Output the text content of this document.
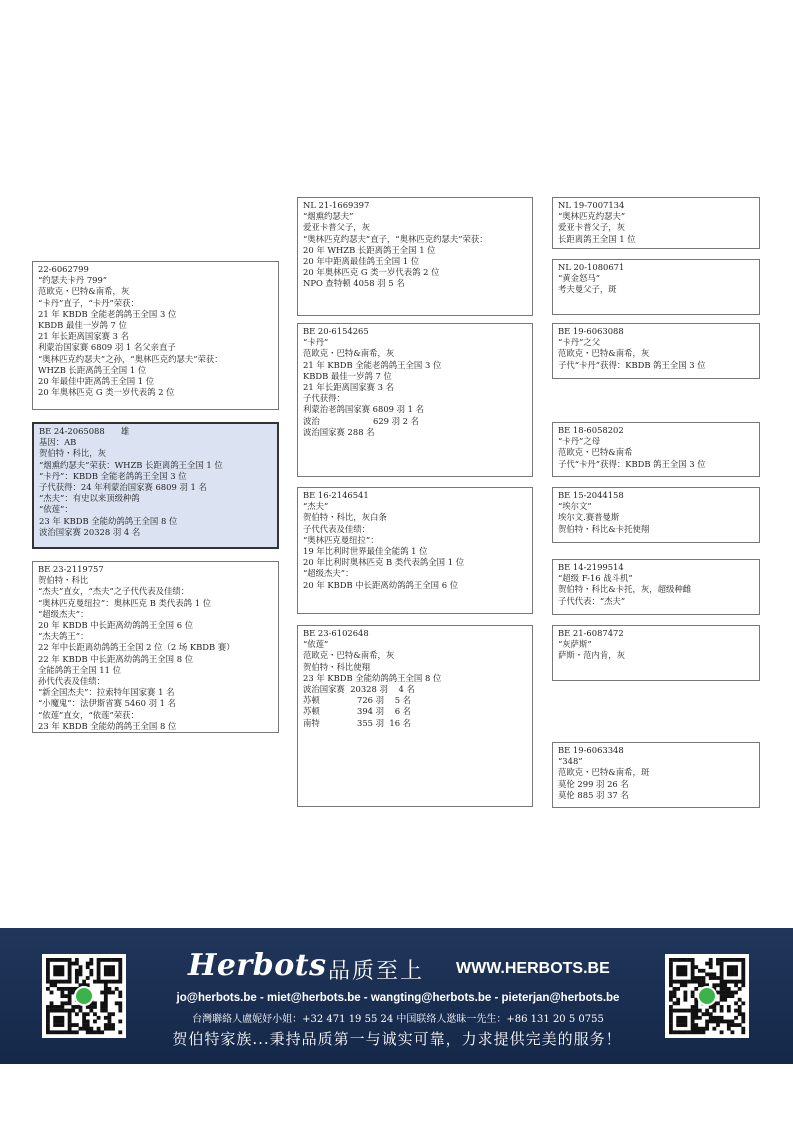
22-6062799
“约瑟夫卡丹 799”
范欧克・巴特&南希，灰
“卡丹”直子，“卡丹”荣获：
21 年 KBDB 全能老鸽鸽王全国 3 位
KBDB 最佳一岁鸽 7 位
21 年长距离国家赛 3 名
利蒙治国家赛 6809 羽 1 名父亲直子
“奥林匹克约瑟夫”之孙，“奥林匹克约瑟夫”荣获：
WHZB 长距离鸽王全国 1 位
20 年最佳中距离鸽王全国 1 位
20 年奥林匹克 G 类一岁代表鸽 2 位
BE 24-2065088 雄
基因：AB
贺伯特・科比，灰
“烟熏约瑟夫”荣获：WHZB 长距离鸽王全国 1 位
“卡丹”：KBDB 全能老鸽鸽王全国 3 位
子代获得：24 年利蒙治国家赛 6809 羽 1 名
“杰夫”：有史以来顶级种鸽
“依莲”：
23 年 KBDB 全能幼鸽鸽王全国 8 位
波治国家赛 20328 羽 4 名
BE 23-2119757
贺伯特・科比
“杰夫”直女，“杰夫”之子代代表及佳绩：
“奥林匹克曼纽拉”：奥林匹克 B 类代表鸽 1 位
“超级杰夫”：
20 年 KBDB 中长距离幼鸽鸽王全国 6 位
“杰夫鸽王”：
22 年中长距离幼鸽鸽王全国 2 位（2 场 KBDB 赛）
22 年 KBDB 中长距离幼鸽鸽王全国 8 位
全能鸽鸽王全国 11 位
孙代代表及佳绩：
“新全国杰夫”：拉索特年国家赛 1 名
“小魔鬼”：法伊斯省赛 5460 羽 1 名
“依莲”直女，“依莲”荣获：
23 年 KBDB 全能幼鸽鸽王全国 8 位
NL 21-1669397
“烟熏约瑟夫”
爱亚卡普父子，灰
“奥林匹克约瑟夫”直子，“奥林匹克约瑟夫”荣获：
20 年 WHZB 长距离鸽王全国 1 位
20 年中距离最佳鸽王全国 1 位
20 年奥林匹克 G 类一岁代表鸽 2 位
NPO 查特顿 4058 羽 5 名
BE 20-6154265
“卡丹”
范欧克・巴特&南希，灰
21 年 KBDB 全能老鸽鸽王全国 3 位
KBDB 最佳一岁鸽 7 位
21 年长距离国家赛 3 名
子代获得：
利蒙治老鸽国家赛 6809 羽 1 名
波治                    629 羽 2 名
波治国家赛 288 名
BE 16-2146541
“杰夫”
贺伯特・科比，灰白条
子代代表及佳绩：
“奥林匹克曼纽拉”：
19 年比利时世界最佳全能鸽 1 位
20 年比利时奥林匹克 B 类代表鸽全国 1 位
“超级杰夫”：
20 年 KBDB 中长距离幼鸽鸽王全国 6 位
BE 23-6102648
“依莲”
范欧克・巴特&南希，灰
贺伯特・科比使翔
23 年 KBDB 全能幼鸽鸽王全国 8 位
波治国家赛  20328 羽    4 名
苏顿              726 羽    5 名
苏顿              394 羽    6 名
南特              355 羽  16 名
NL 19-7007134
“奥林匹克约瑟夫”
爱亚卡普父子，灰
长距离鸽王全国 1 位
NL 20-1080671
“黄金怒马”
考夫曼父子，斑
BE 19-6063088
“卡丹”之父
范欧克・巴特&南希，灰
子代“卡丹”获得：KBDB 鸽王全国 3 位
BE 18-6058202
“卡丹”之母
范欧克・巴特&南希
子代“卡丹”获得：KBDB 鸽王全国 3 位
BE 15-2044158
“埃尔文”
埃尔文.赛普曼斯
贺伯特・科比&卡托使翔
BE 14-2199514
“超级 F-16 战斗机”
贺伯特・科比&卡托，灰，超级种雌
子代代表：“杰夫”
BE 21-6087472
“灰萨斯”
萨斯・范内肯，灰
BE 19-6063348
“348”
范欧克・巴特&南希，斑
莫伦 299 羽 26 名
莫伦 885 羽 37 名
Herbots 品质至上 WWW.HERBOTS.BE
jo@herbots.be - miet@herbots.be - wangting@herbots.be - pieterjan@herbots.be
台灣聯絡人盧妮妤小姐：+32 471 19 55 24 中国联络人逖昧一先生：+86 131 20 5 0755
贺伯特家族...秉持品质第一与诚实可靠，力求提供完美的服务！
